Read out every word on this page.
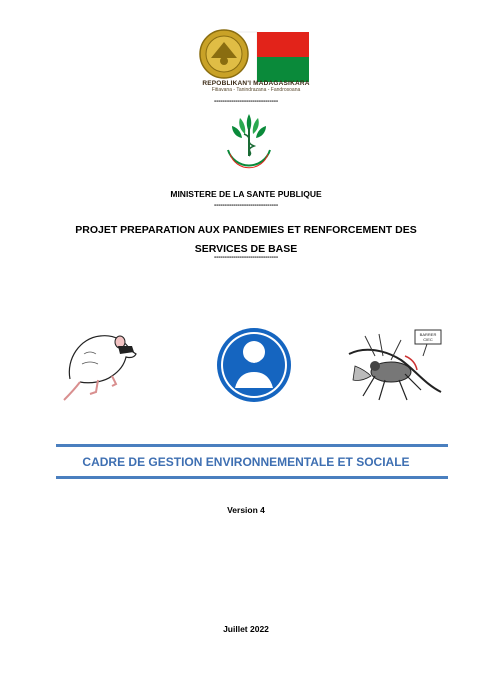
REPOBLIKAN'I MADAGASIKARA
Fitiavana - Tanindrazana - Fandrosoana
------------------------------
MINISTERE DE LA SANTE PUBLIQUE
------------------------------
PROJET PREPARATION AUX PANDEMIES ET RENFORCEMENT DES
SERVICES DE BASE
------------------------------
BARRER
CIEC
CADRE DE GESTION ENVIRONNEMENTALE ET SOCIALE
Version 4
Juillet 2022
